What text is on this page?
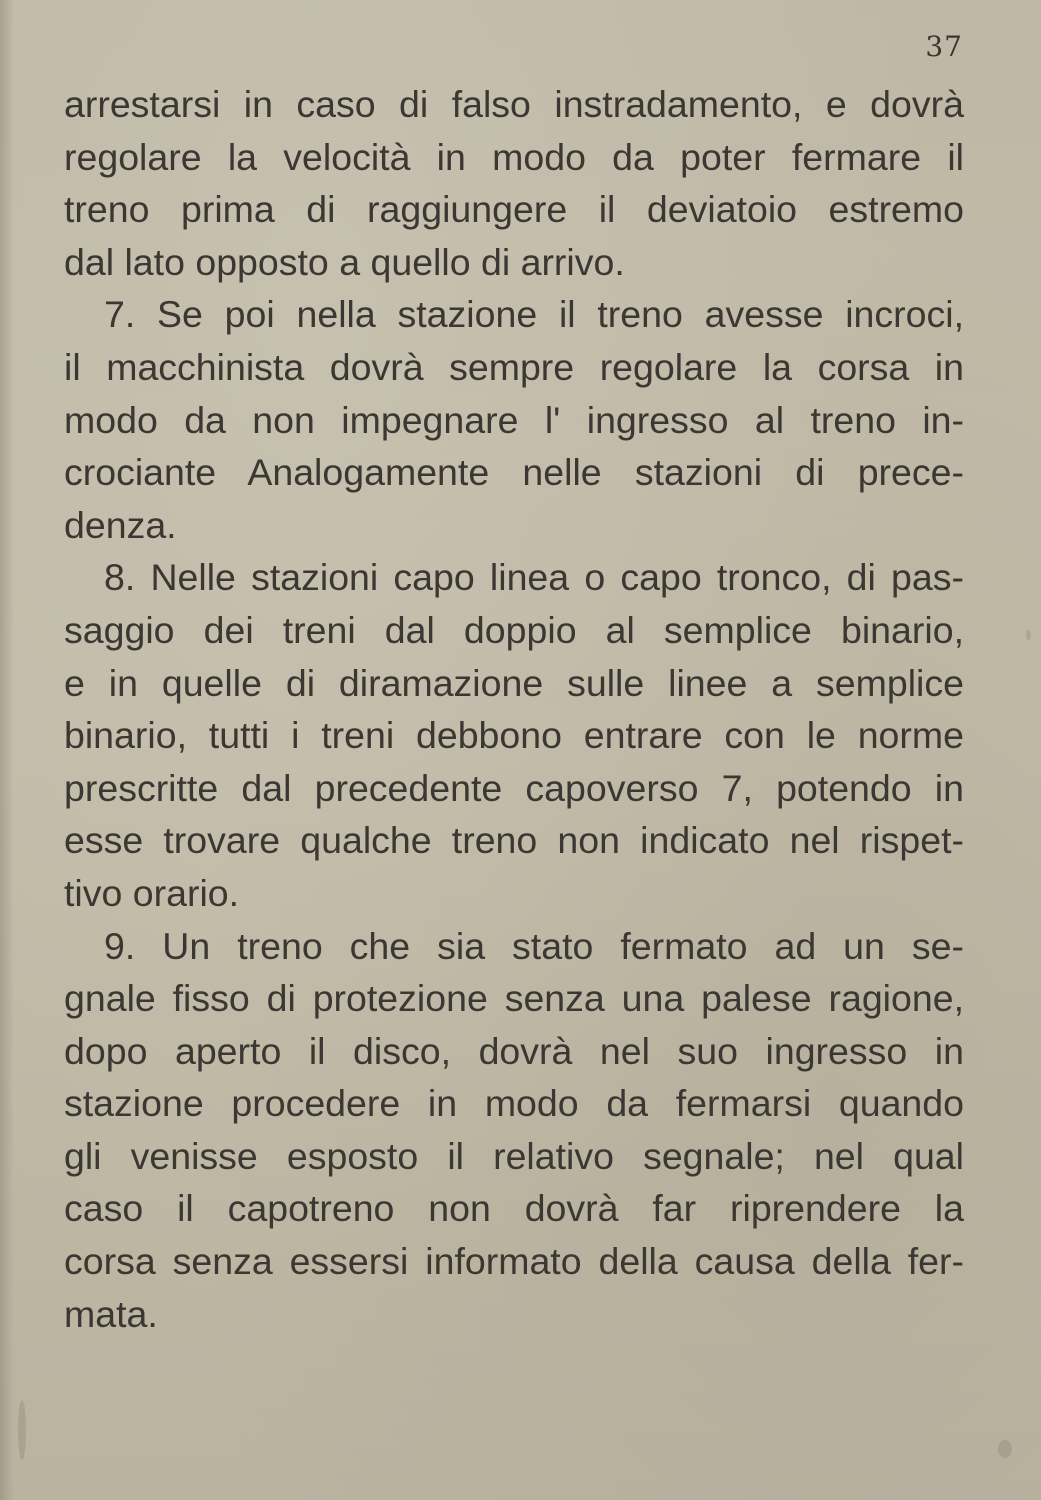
37
arrestarsi in caso di falso instradamento, e dovrà
regolare la velocità in modo da poter fermare il
treno prima di raggiungere il deviatoio estremo
dal lato opposto a quello di arrivo.
7. Se poi nella stazione il treno avesse incroci,
il macchinista dovrà sempre regolare la corsa in
modo da non impegnare l' ingresso al treno in-
crociante Analogamente nelle stazioni di prece-
denza.
8. Nelle stazioni capo linea o capo tronco, di pas-
saggio dei treni dal doppio al semplice binario,
e in quelle di diramazione sulle linee a semplice
binario, tutti i treni debbono entrare con le norme
prescritte dal precedente capoverso 7, potendo in
esse trovare qualche treno non indicato nel rispet-
tivo orario.
9. Un treno che sia stato fermato ad un se-
gnale fisso di protezione senza una palese ragione,
dopo aperto il disco, dovrà nel suo ingresso in
stazione procedere in modo da fermarsi quando
gli venisse esposto il relativo segnale; nel qual
caso il capotreno non dovrà far riprendere la
corsa senza essersi informato della causa della fer-
mata.
